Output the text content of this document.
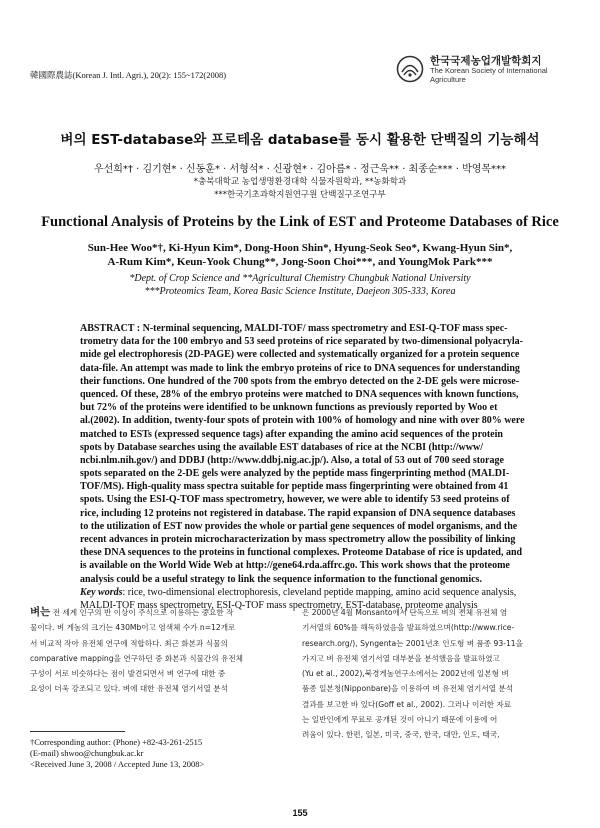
韓國際農誌(Korean J. Intl. Agri.), 20(2): 155~172(2008)
한국국제농업개발학회지
The Korean Society of International
Agriculture
벼의 EST-database와 프로테옴 database를 동시 활용한 단백질의 기능해석
우선희*† · 김기현* · 신동훈* · 서형석* · 신광현* · 김아름* · 정근욱** · 최종순*** · 박영목***
*충북대학교 농업생명환경대학 식물자원학과, **농화학과
***한국기초과학지원연구원 단백질구조연구부
Functional Analysis of Proteins by the Link of EST and Proteome Databases of Rice
Sun-Hee Woo*†, Ki-Hyun Kim*, Dong-Hoon Shin*, Hyung-Seok Seo*, Kwang-Hyun Sin*,
A-Rum Kim*, Keun-Yook Chung**, Jong-Soon Choi***, and YoungMok Park***
*Dept. of Crop Science and **Agricultural Chemistry Chungbuk National University
***Proteomics Team, Korea Basic Science Institute, Daejeon 305-333, Korea
ABSTRACT : N-terminal sequencing, MALDI-TOF/ mass spectrometry and ESI-Q-TOF mass spec-
trometry data for the 100 embryo and 53 seed proteins of rice separated by two-dimensional polyacryla-
mide gel electrophoresis (2D-PAGE) were collected and systematically organized for a protein sequence
data-file. An attempt was made to link the embryo proteins of rice to DNA sequences for understanding
their functions. One hundred of the 700 spots from the embryo detected on the 2-DE gels were microse-
quenced. Of these, 28% of the embryo proteins were matched to DNA sequences with known functions,
but 72% of the proteins were identified to be unknown functions as previously reported by Woo et
al.(2002). In addition, twenty-four spots of protein with 100% of homology and nine with over 80% were
matched to ESTs (expressed sequence tags) after expanding the amino acid sequences of the protein
spots by Database searches using the available EST databases of rice at the NCBI (http://www/
ncbi.nlm.nih.gov/) and DDBJ (http://www.ddbj.nig.ac.jp/). Also, a total of 53 out of 700 seed storage
spots separated on the 2-DE gels were analyzed by the peptide mass fingerprinting method (MALDI-
TOF/MS). High-quality mass spectra suitable for peptide mass fingerprinting were obtained from 41
spots. Using the ESI-Q-TOF mass spectrometry, however, we were able to identify 53 seed proteins of
rice, including 12 proteins not registered in database. The rapid expansion of DNA sequence databases
to the utilization of EST now provides the whole or partial gene sequences of model organisms, and the
recent advances in protein microcharacterization by mass spectrometry allow the possibility of linking
these DNA sequences to the proteins in functional complexes. Proteome Database of rice is updated, and
is available on the World Wide Web at http://gene64.rda.affrc.go. This work shows that the proteome
analysis could be a useful strategy to link the sequence information to the functional genomics.
Key words: rice, two-dimensional electrophoresis, cleveland peptide mapping, amino acid sequence analysis,
MALDI-TOF mass spectrometry, ESI-Q-TOF mass spectrometry, EST-database, proteome analysis
벼는 전 세계 인구의 반 이상이 주식으로 이용하는 중요한 작
물이다. 벼 게놈의 크기는 430Mb이고 염색체 수가 n=12개로
서 비교적 작아 유전체 연구에 적합하다. 최근 화본과 식물의
comparative mapping을 연구하던 중 화본과 식물간의 유전체
구성이 서로 비슷하다는 점이 발견되면서 벼 연구에 대한 중
요성이 더욱 강조되고 있다. 벼에 대한 유전체 염기서열 분석
은 2000년 4월 Monsanto에서 단독으로 벼의 전체 유전체 염
기서열의 60%를 해독하였음을 발표하였으며(http://www.rice-
research.org/), Syngenta는 2001년초 인도형 벼 품종 93-11을
가지고 벼 유전체 염기서열 대부분을 분석했음을 발표하였고
(Yu et al., 2002),북경게놈연구소에서는 2002년에 일본형 벼
품종 일본청(Nipponbare)을 이용하여 벼 유전체 염기서열 분석
결과를 보고한 바 있다(Goff et al., 2002). 그러나 이러한 자료
는 일반인에게 무료로 공개된 것이 아니기 때문에 이용에 어
려움이 있다. 한편, 일본, 미국, 중국, 한국, 대만, 인도, 태국,
†Corresponding author: (Phone) +82-43-261-2515
(E-mail) shwoo@chungbuk.ac.kr
<Received June 3, 2008 / Accepted June 13, 2008>
155
